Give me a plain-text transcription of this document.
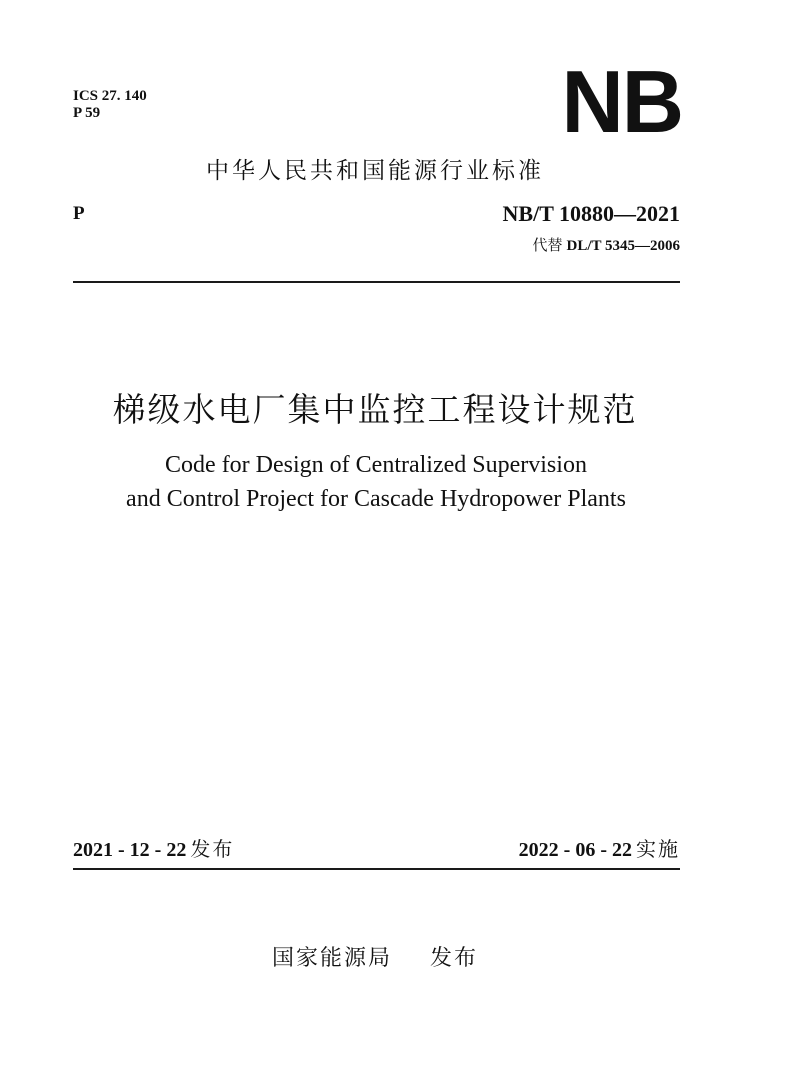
ICS 27. 140
P 59	NB
中华人民共和国能源行业标准
P	NB/T 10880—2021
代替 DL/T 5345—2006
梯级水电厂集中监控工程设计规范
Code for Design of Centralized Supervision
and Control Project for Cascade Hydropower Plants
2021 - 12 - 22 发布	2022 - 06 - 22 实施
国家能源局 发布
